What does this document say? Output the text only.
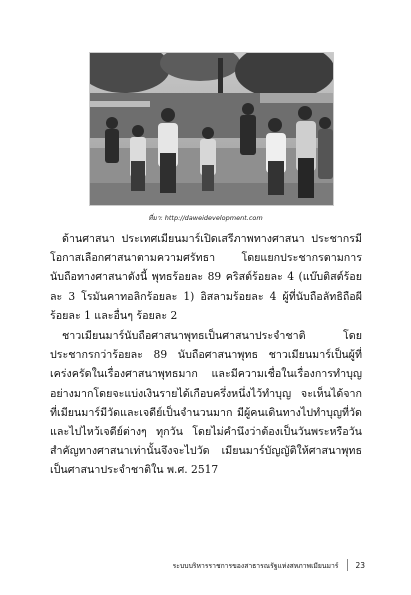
ที่มา: http://daweidevelopment.com

ด้านศาสนา ประเทศเมียนมาร์เปิดเสรีภาพทางศาสนา ประชากรมีโอกาสเลือกศาสนาตามความศรัทธา โดยแยกประชากรตามการนับถือทางศาสนาดังนี้ พุทธร้อยละ 89 คริสต์ร้อยละ 4 (แบ๊บติสต์ร้อยละ 3 โรมันคาทอลิกร้อยละ 1) อิสลามร้อยละ 4 ผู้ที่นับถือลัทธิถือผีร้อยละ 1 และอื่นๆ ร้อยละ 2

ชาวเมียนมาร์นับถือศาสนาพุทธเป็นศาสนาประจำชาติ โดยประชากรกว่าร้อยละ 89 นับถือศาสนาพุทธ ชาวเมียนมาร์เป็นผู้ที่เคร่งครัดในเรื่องศาสนาพุทธมาก และมีความเชื่อในเรื่องการทำบุญอย่างมากโดยจะแบ่งเงินรายได้เกือบครึ่งหนึ่งไว้ทำบุญ จะเห็นได้จากที่เมียนมาร์มีวัดและเจดีย์เป็นจำนวนมาก มีผู้คนเดินทางไปทำบุญที่วัดและไปไหว้เจดีย์ต่างๆ ทุกวัน โดยไม่คำนึงว่าต้องเป็นวันพระหรือวันสำคัญทางศาสนาเท่านั้นจึงจะไปวัด เมียนมาร์บัญญัติให้ศาสนาพุทธเป็นศาสนาประจำชาติใน พ.ศ. 2517

ระบบบริหารราชการของสาธารณรัฐแห่งสหภาพเมียนมาร์ 23
